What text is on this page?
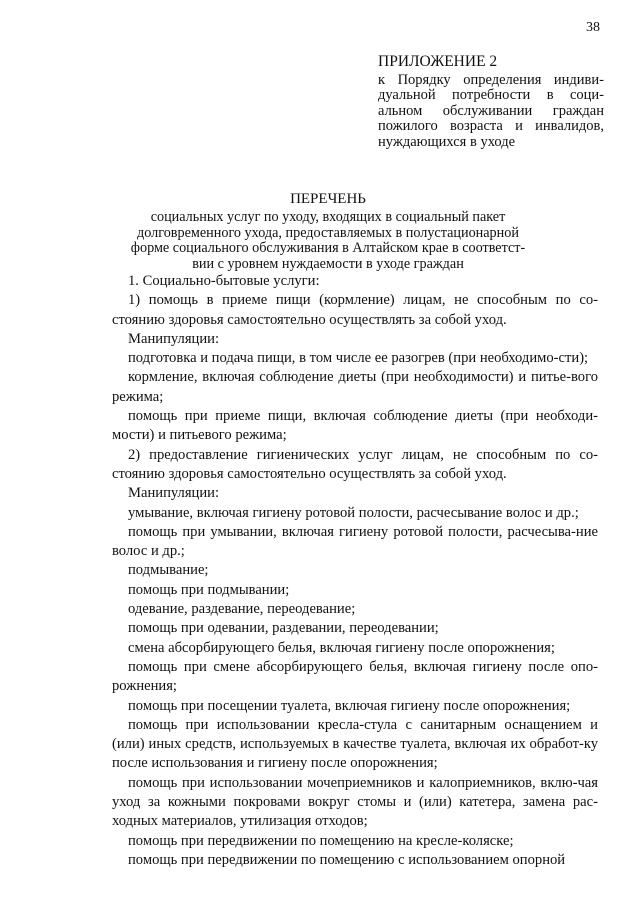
38
ПРИЛОЖЕНИЕ 2
к Порядку определения индиви-дуальной потребности в соци-альном обслуживании граждан пожилого возраста и инвалидов, нуждающихся в уходе
ПЕРЕЧЕНЬ
социальных услуг по уходу, входящих в социальный пакет
долговременного ухода, предоставляемых в полустационарной
форме социального обслуживания в Алтайском крае в соответст-
вии с уровнем нуждаемости в уходе граждан
1. Социально-бытовые услуги:
1) помощь в приеме пищи (кормление) лицам, не способным по со-стоянию здоровья самостоятельно осуществлять за собой уход.
Манипуляции:
подготовка и подача пищи, в том числе ее разогрев (при необходимо-сти);
кормление, включая соблюдение диеты (при необходимости) и питье-вого режима;
помощь при приеме пищи, включая соблюдение диеты (при необходи-мости) и питьевого режима;
2) предоставление гигиенических услуг лицам, не способным по со-стоянию здоровья самостоятельно осуществлять за собой уход.
Манипуляции:
умывание, включая гигиену ротовой полости, расчесывание волос и др.;
помощь при умывании, включая гигиену ротовой полости, расчесыва-ние волос и др.;
подмывание;
помощь при подмывании;
одевание, раздевание, переодевание;
помощь при одевании, раздевании, переодевании;
смена абсорбирующего белья, включая гигиену после опорожнения;
помощь при смене абсорбирующего белья, включая гигиену после опо-рожнения;
помощь при посещении туалета, включая гигиену после опорожнения;
помощь при использовании кресла-стула с санитарным оснащением и (или) иных средств, используемых в качестве туалета, включая их обработ-ку после использования и гигиену после опорожнения;
помощь при использовании мочеприемников и калоприемников, вклю-чая уход за кожными покровами вокруг стомы и (или) катетера, замена рас-ходных материалов, утилизация отходов;
помощь при передвижении по помещению на кресле-коляске;
помощь при передвижении по помещению с использованием опорной
